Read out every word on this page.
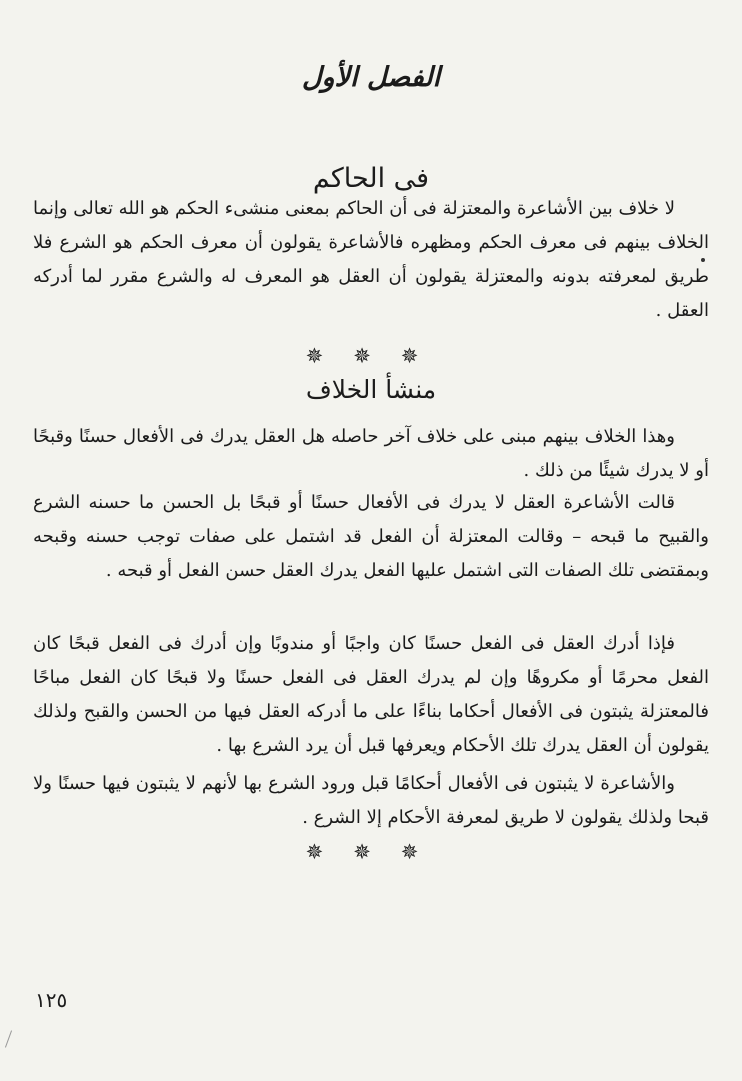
الفصل الأول
فى الحاكم

لا خلاف بين الأشاعرة والمعتزلة فى أن الحاكم بمعنى منشىء الحكم هو الله تعالى وإنما الخلاف بينهم فى معرف الحكم ومظهره فالأشاعرة يقولون أن معرف الحكم هو الشرع فلا طريق لمعرفته بدونه والمعتزلة يقولون أن العقل هو المعرف له والشرع مقرر لما أدركه العقل .

✵ ✵ ✵
منشأ الخلاف

وهذا الخلاف بينهم مبنى على خلاف آخر حاصله هل العقل يدرك فى الأفعال حسنًا وقبحًا أو لا يدرك شيئًا من ذلك .

قالت الأشاعرة العقل لا يدرك فى الأفعال حسنًا أو قبحًا بل الحسن ما حسنه الشرع والقبيح ما قبحه – وقالت المعتزلة أن الفعل قد اشتمل على صفات توجب حسنه وقبحه وبمقتضى تلك الصفات التى اشتمل عليها الفعل يدرك العقل حسن الفعل أو قبحه .

فإذا أدرك العقل فى الفعل حسنًا كان واجبًا أو مندوبًا وإن أدرك فى الفعل قبحًا كان الفعل محرمًا أو مكروهًا وإن لم يدرك العقل فى الفعل حسنًا ولا قبحًا كان الفعل مباحًا فالمعتزلة يثبتون فى الأفعال أحكاما بناءًا على ما أدركه العقل فيها من الحسن والقبح ولذلك يقولون أن العقل يدرك تلك الأحكام ويعرفها قبل أن يرد الشرع بها .

والأشاعرة لا يثبتون فى الأفعال أحكامًا قبل ورود الشرع بها لأنهم لا يثبتون فيها حسنًا ولا قبحا ولذلك يقولون لا طريق لمعرفة الأحكام إلا الشرع .

✵ ✵ ✵
١٢٥
